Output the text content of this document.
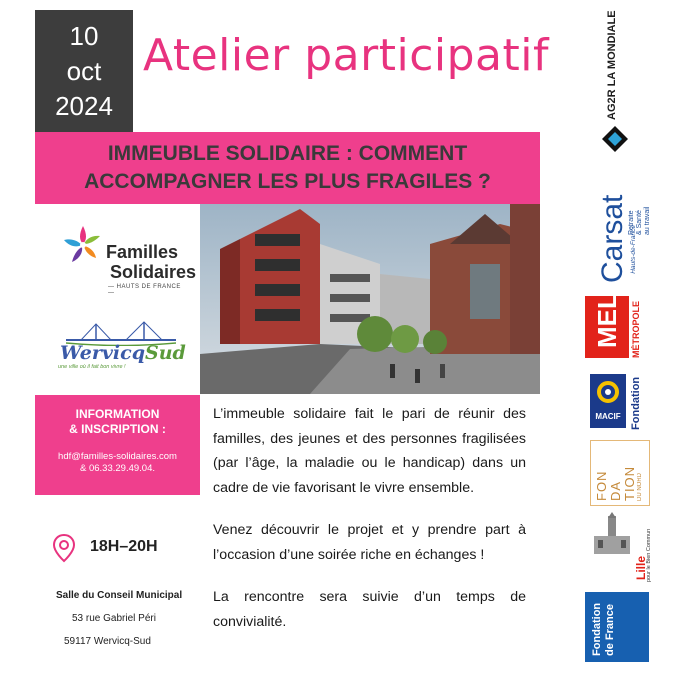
10
oct
2024
Atelier participatif
IMMEUBLE SOLIDAIRE : COMMENT
ACCOMPAGNER LES PLUS FRAGILES ?
Familles
Solidaires
— HAUTS DE FRANCE —
WervicqSud
une ville où il fait bon vivre !
INFORMATION
& INSCRIPTION :
hdf@familles-solidaires.com
& 06.33.29.49.04.
18H–20H
Salle du Conseil Municipal
53 rue Gabriel Péri
59117 Wervicq-Sud

L’immeuble solidaire fait le pari de réunir des familles, des jeunes et des personnes fragilisées (par l’âge, la maladie ou le handicap) dans un cadre de vie favorisant le vivre ensemble.

Venez découvrir le projet et y prendre part à l’occasion d’une soirée riche en échanges !

La rencontre sera suivie d’un temps de convivialité.

AG2R LA MONDIALE
Carsat Retraite
& Santé
au travail
Hauts-de-France
MEL	MÉTROPOLE
MACIF Fondation
FON
DA
TION DU NORD
Lille
pour le Bien Commun
Fondation
de France
